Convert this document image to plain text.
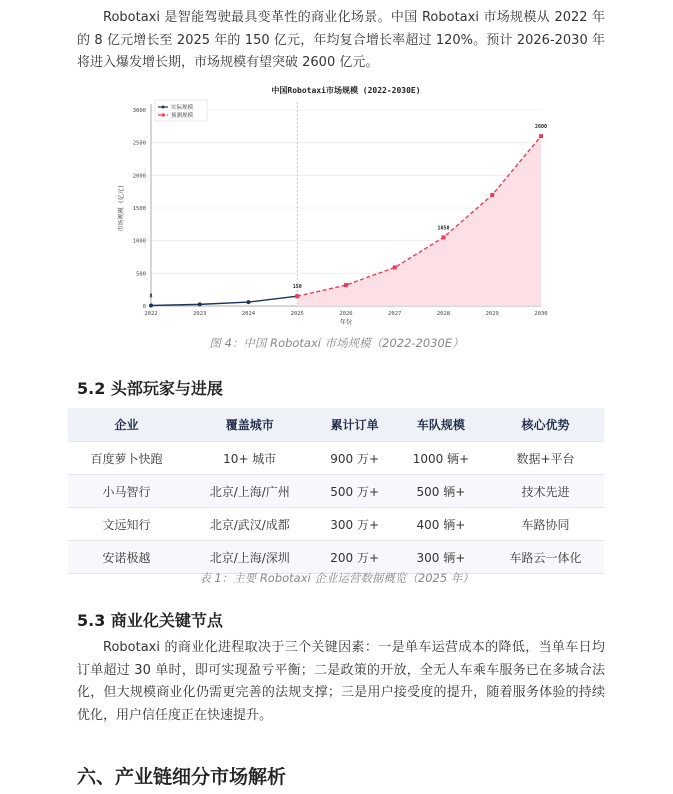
Robotaxi 是智能驾驶最具变革性的商业化场景。中国 Robotaxi 市场规模从 2022 年的 8 亿元增长至 2025 年的 150 亿元，年均复合增长率超过 120%。预计 2026-2030 年将进入爆发增长期，市场规模有望突破 2600 亿元。

中国Robotaxi市场规模 (2022-2030E)
0
500
1000
1500
2000
2500
3000
2022	2023	2024	2025	2026	2027	2028	2029	2030
年份
市场规模 (亿元)
8
150
1050
2600
实际规模
预测规模
图 4：中国 Robotaxi 市场规模（2022-2030E）
5.2 头部玩家与进展
企业	覆盖城市	累计订单	车队规模	核心优势
百度萝卜快跑	10+ 城市	900 万+	1000 辆+	数据+平台
小马智行	北京/上海/广州	500 万+	500 辆+	技术先进
文远知行	北京/武汉/成都	300 万+	400 辆+	车路协同
安诺极越	北京/上海/深圳	200 万+	300 辆+	车路云一体化
表 1：主要 Robotaxi 企业运营数据概览（2025 年）
5.3 商业化关键节点

Robotaxi 的商业化进程取决于三个关键因素：一是单车运营成本的降低，当单车日均订单超过 30 单时，即可实现盈亏平衡；二是政策的开放，全无人车乘车服务已在多城合法化，但大规模商业化仍需更完善的法规支撑；三是用户接受度的提升，随着服务体验的持续优化，用户信任度正在快速提升。

六、产业链细分市场解析
